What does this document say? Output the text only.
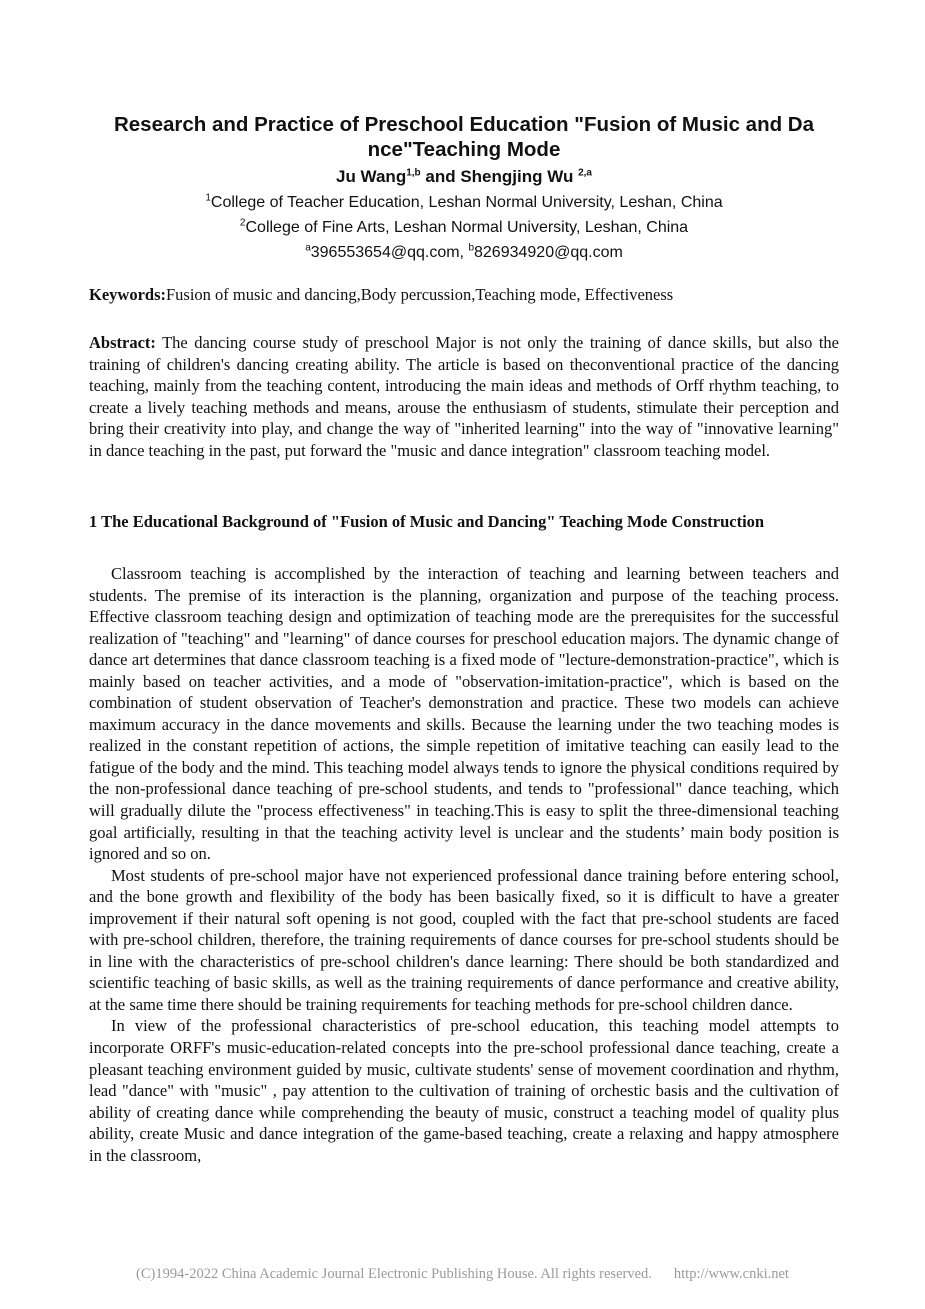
Research and Practice of Preschool Education "Fusion of Music and Da nce"Teaching Mode
Ju Wang$^{1,b}$ and Shengjing Wu $^{2,a}$
$^1$College of Teacher Education, Leshan Normal University, Leshan, China
$^2$College of Fine Arts, Leshan Normal University, Leshan, China
$^a$396553654@qq.com, $^b$826934920@qq.com
Keywords:Fusion of music and dancing,Body percussion,Teaching mode, Effectiveness
Abstract: The dancing course study of preschool Major is not only the training of dance skills, but also the training of children's dancing creating ability. The article is based on theconventional practice of the dancing teaching, mainly from the teaching content, introducing the main ideas and methods of Orff rhythm teaching, to create a lively teaching methods and means, arouse the enthusiasm of students, stimulate their perception and bring their creativity into play, and change the way of "inherited learning" into the way of "innovative learning" in dance teaching in the past, put forward the "music and dance integration" classroom teaching model.
1 The Educational Background of "Fusion of Music and Dancing" Teaching Mode Construction

Classroom teaching is accomplished by the interaction of teaching and learning between teachers and students. The premise of its interaction is the planning, organization and purpose of the teaching process. Effective classroom teaching design and optimization of teaching mode are the prerequisites for the successful realization of "teaching" and "learning" of dance courses for preschool education majors. The dynamic change of dance art determines that dance classroom teaching is a fixed mode of "lecture-demonstration-practice", which is mainly based on teacher activities, and a mode of "observation-imitation-practice", which is based on the combination of student observation of Teacher's demonstration and practice. These two models can achieve maximum accuracy in the dance movements and skills. Because the learning under the two teaching modes is realized in the constant repetition of actions, the simple repetition of imitative teaching can easily lead to the fatigue of the body and the mind. This teaching model always tends to ignore the physical conditions required by the non-professional dance teaching of pre-school students, and tends to "professional" dance teaching, which will gradually dilute the "process effectiveness" in teaching.This is easy to split the three-dimensional teaching goal artificially, resulting in that the teaching activity level is unclear and the students’ main body position is ignored and so on.

Most students of pre-school major have not experienced professional dance training before entering school, and the bone growth and flexibility of the body has been basically fixed, so it is difficult to have a greater improvement if their natural soft opening is not good, coupled with the fact that pre-school students are faced with pre-school children, therefore, the training requirements of dance courses for pre-school students should be in line with the characteristics of pre-school children's dance learning: There should be both standardized and scientific teaching of basic skills, as well as the training requirements of dance performance and creative ability, at the same time there should be training requirements for teaching methods for pre-school children dance.

In view of the professional characteristics of pre-school education, this teaching model attempts to incorporate ORFF's music-education-related concepts into the pre-school professional dance teaching, create a pleasant teaching environment guided by music, cultivate students' sense of movement coordination and rhythm, lead "dance" with "music" , pay attention to the cultivation of training of orchestic basis and the cultivation of ability of creating dance while comprehending the beauty of music, construct a teaching model of quality plus ability, create Music and dance integration of the game-based teaching, create a relaxing and happy atmosphere in the classroom,

(C)1994-2022 China Academic Journal Electronic Publishing House. All rights reserved. http://www.cnki.net
